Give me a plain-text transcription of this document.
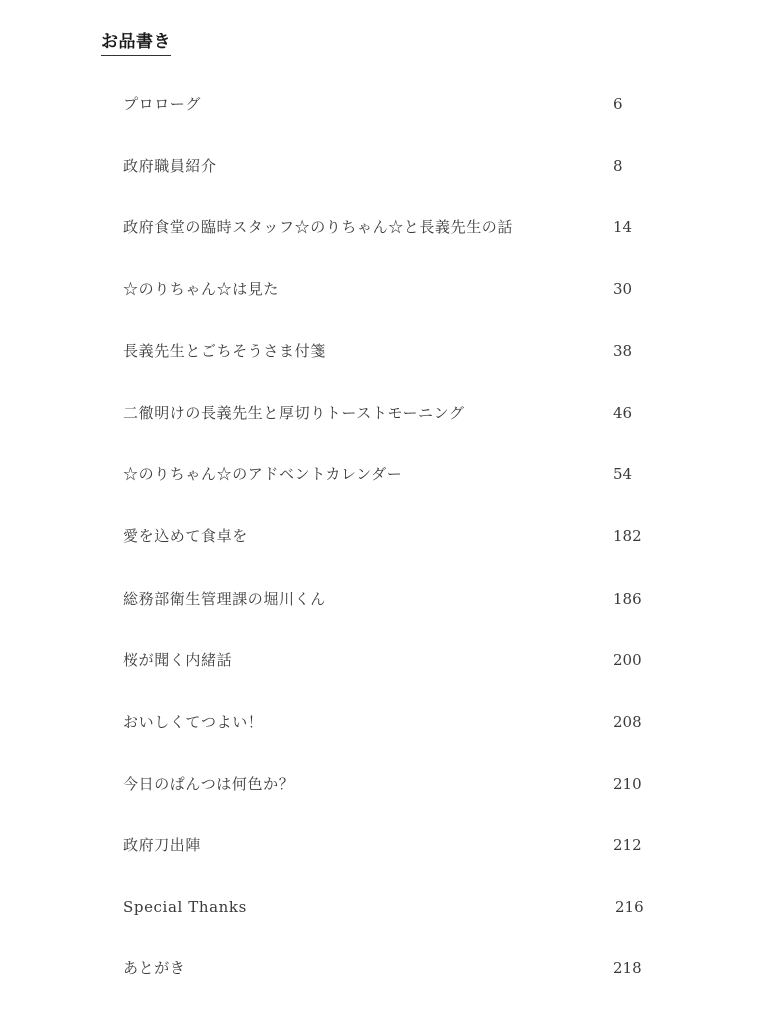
お品書き
プロローグ	6
政府職員紹介	8
政府食堂の臨時スタッフ☆のりちゃん☆と長義先生の話	14
☆のりちゃん☆は見た	30
長義先生とごちそうさま付箋	38
二徹明けの長義先生と厚切りトーストモーニング	46
☆のりちゃん☆のアドベントカレンダー	54
愛を込めて食卓を	182
総務部衛生管理課の堀川くん	186
桜が聞く内緒話	200
おいしくてつよい！	208
今日のぱんつは何色か？	210
政府刀出陣	212
Special Thanks	216
あとがき	218
